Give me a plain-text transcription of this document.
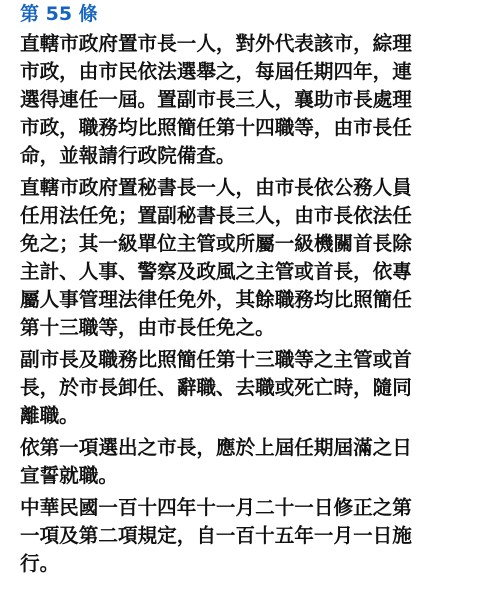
第 55 條
直轄市政府置市長一人，對外代表該市，綜理
市政，由市民依法選舉之，每屆任期四年，連
選得連任一屆。置副市長三人，襄助市長處理
市政，職務均比照簡任第十四職等，由市長任
命，並報請行政院備查。
直轄市政府置秘書長一人，由市長依公務人員
任用法任免；置副秘書長三人，由市長依法任
免之；其一級單位主管或所屬一級機關首長除
主計、人事、警察及政風之主管或首長，依專
屬人事管理法律任免外，其餘職務均比照簡任
第十三職等，由市長任免之。
副市長及職務比照簡任第十三職等之主管或首
長，於市長卸任、辭職、去職或死亡時，隨同
離職。
依第一項選出之市長，應於上屆任期屆滿之日
宣誓就職。
中華民國一百十四年十一月二十一日修正之第
一項及第二項規定，自一百十五年一月一日施
行。
